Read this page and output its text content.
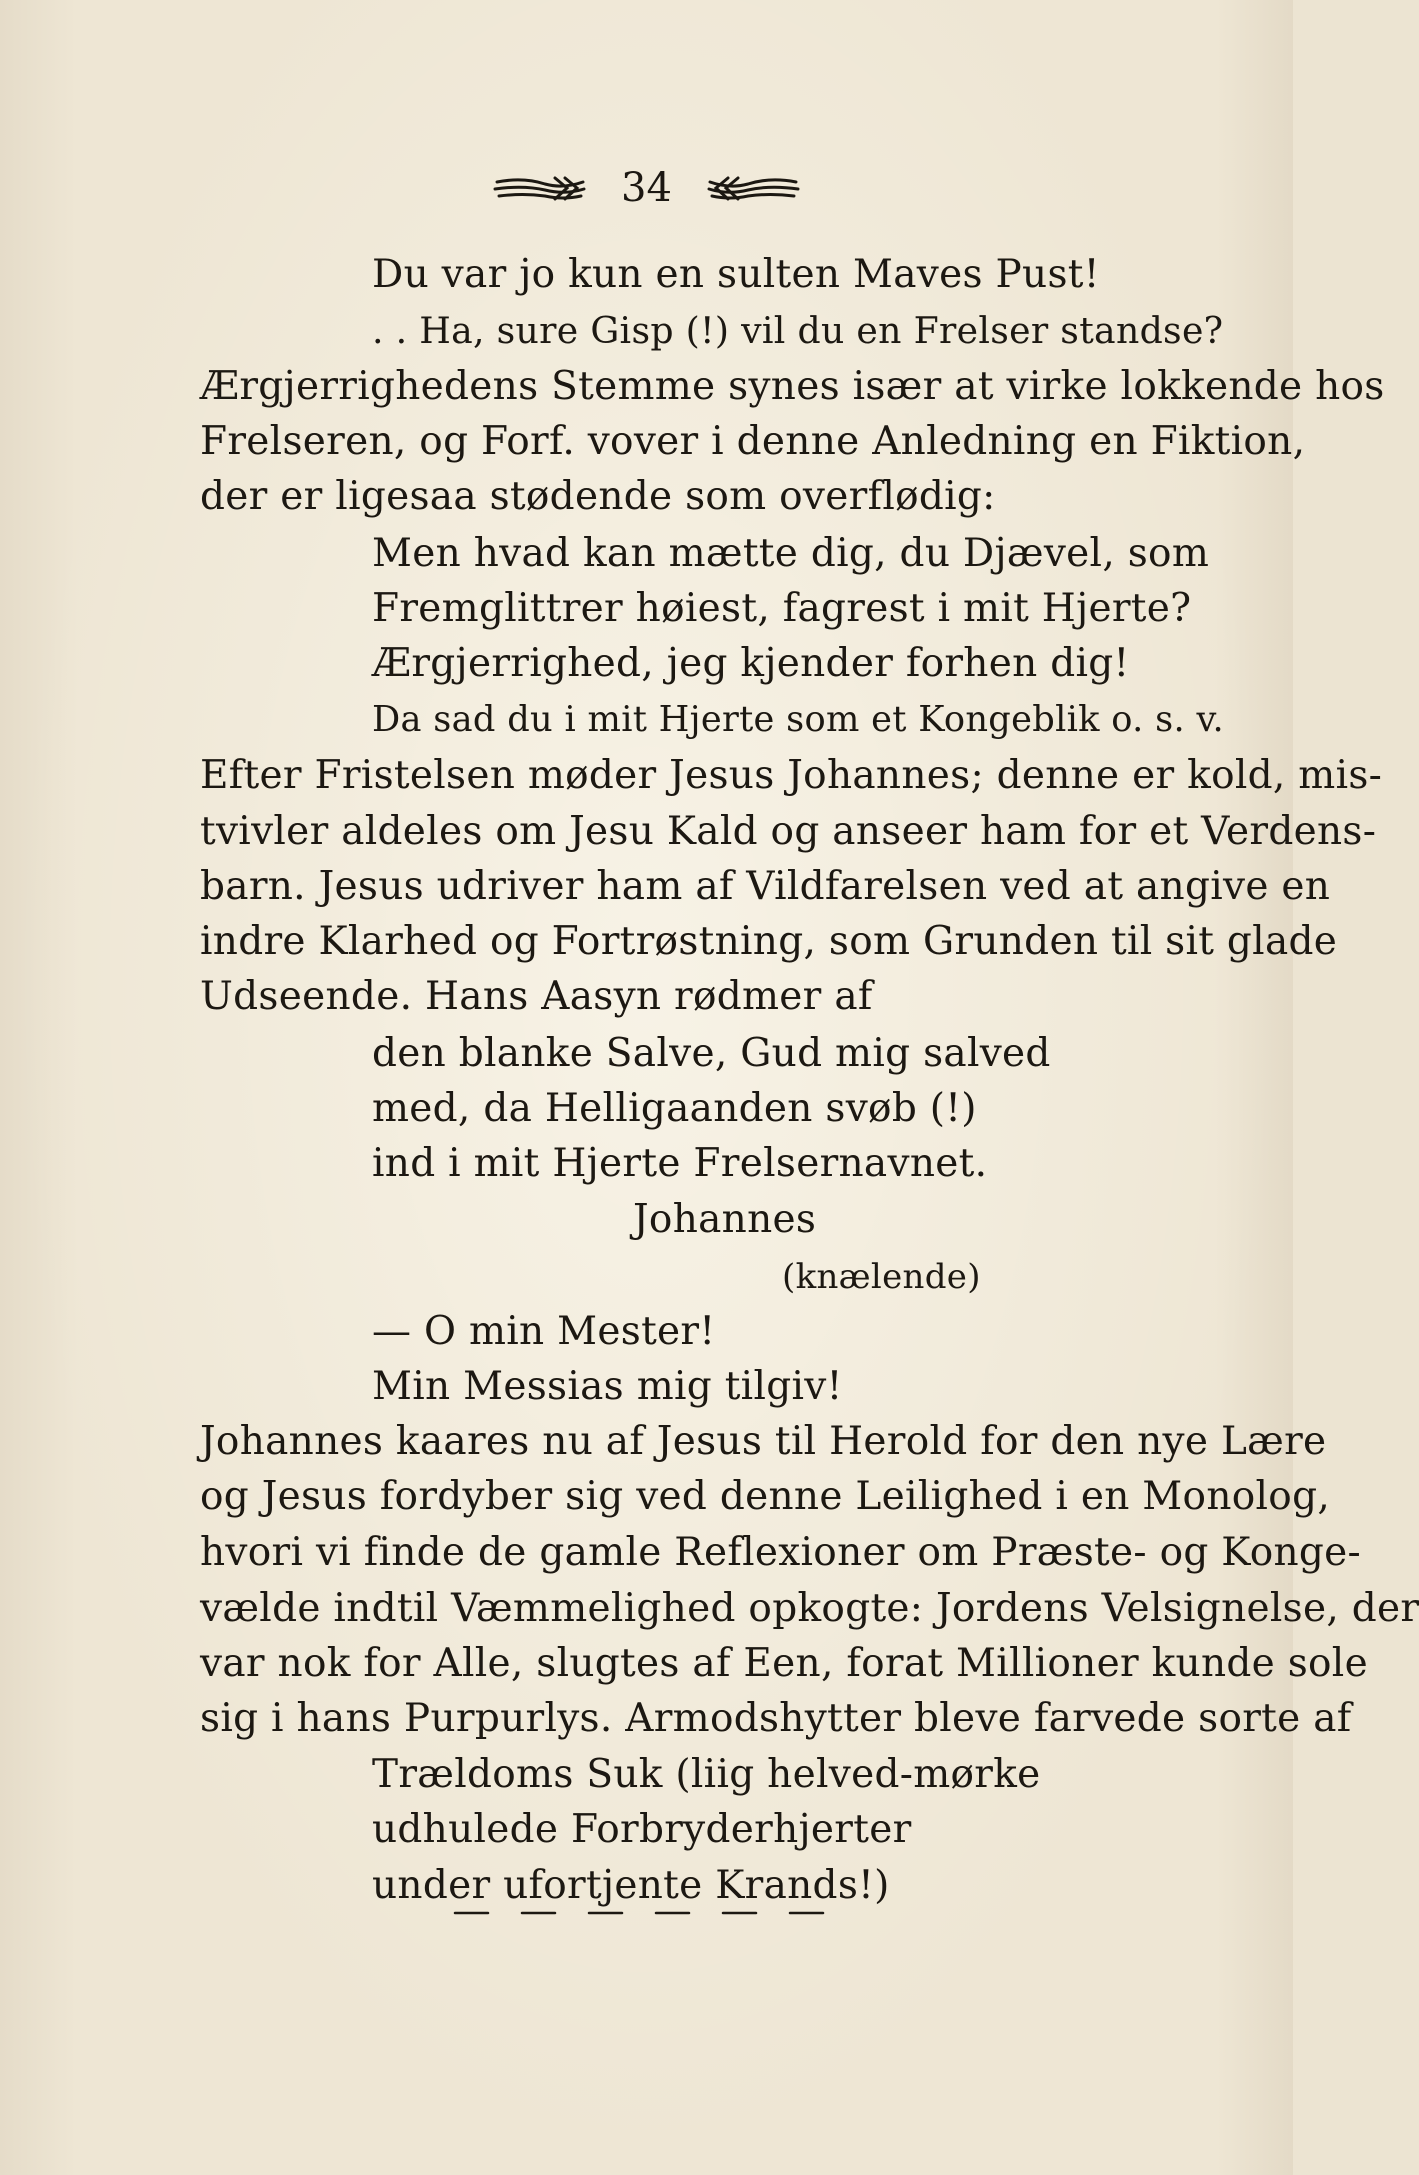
34
Du var jo kun en sulten Maves Pust!
. . Ha, sure Gisp (!) vil du en Frelser standse?
Ærgjerrighedens Stemme synes især at virke lokkende hos
Frelseren, og Forf. vover i denne Anledning en Fiktion,
der er ligesaa stødende som overflødig:
Men hvad kan mætte dig, du Djævel, som
Fremglittrer høiest, fagrest i mit Hjerte?
Ærgjerrighed, jeg kjender forhen dig!
Da sad du i mit Hjerte som et Kongeblik o. s. v.
Efter Fristelsen møder Jesus Johannes; denne er kold, mis-
tvivler aldeles om Jesu Kald og anseer ham for et Verdens-
barn. Jesus udriver ham af Vildfarelsen ved at angive en
indre Klarhed og Fortrøstning, som Grunden til sit glade
Udseende. Hans Aasyn rødmer af
den blanke Salve, Gud mig salved
med, da Helligaanden svøb (!)
ind i mit Hjerte Frelsernavnet.
Johannes
(knælende)
— O min Mester!
Min Messias mig tilgiv!
Johannes kaares nu af Jesus til Herold for den nye Lære
og Jesus fordyber sig ved denne Leilighed i en Monolog,
hvori vi finde de gamle Reflexioner om Præste- og Konge-
vælde indtil Væmmelighed opkogte: Jordens Velsignelse, der
var nok for Alle, slugtes af Een, forat Millioner kunde sole
sig i hans Purpurlys. Armodshytter bleve farvede sorte af
Trældoms Suk (liig helved-mørke
udhulede Forbryderhjerter
under ufortjente Krands!)
